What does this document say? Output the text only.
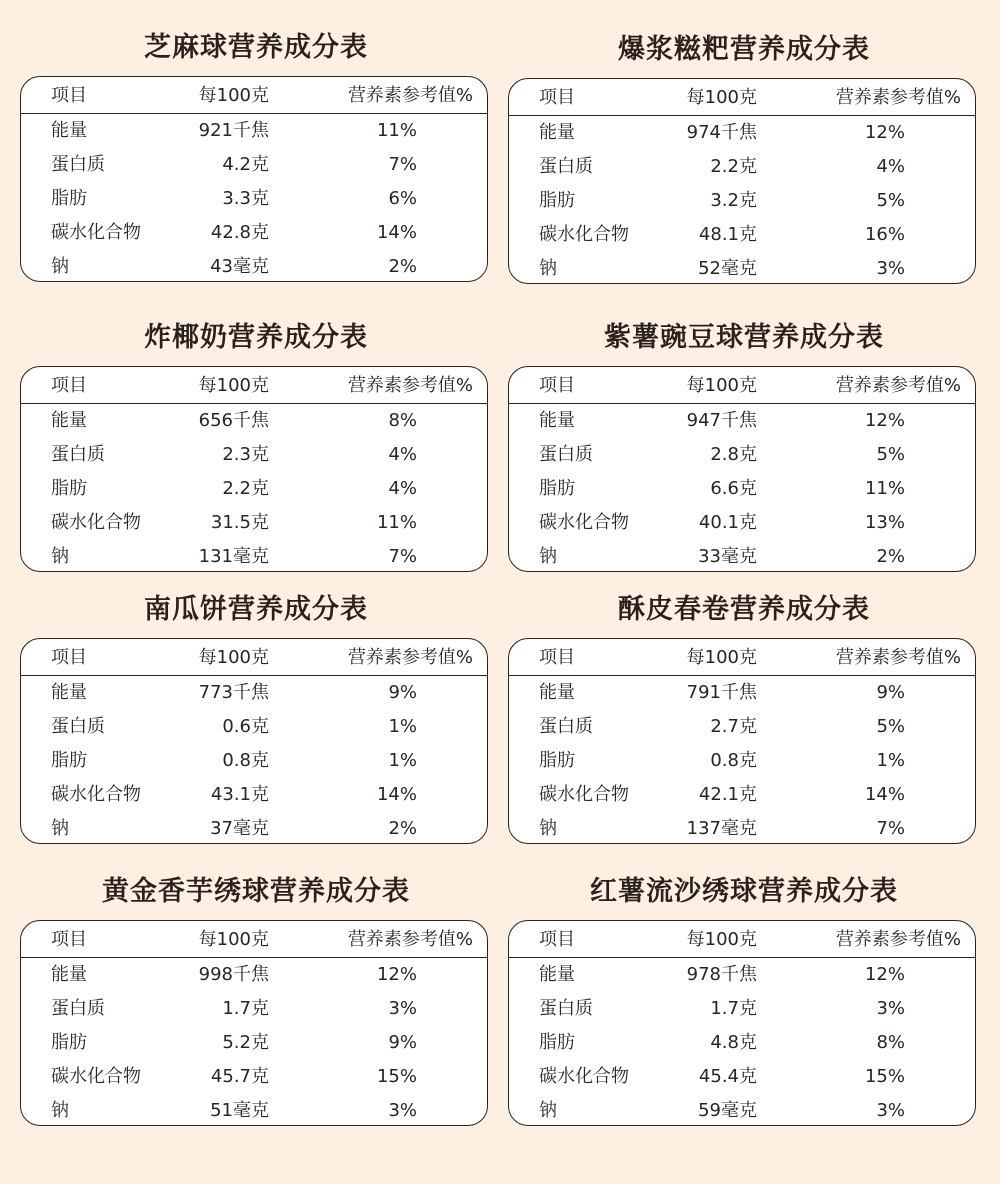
芝麻球营养成分表
项目	每100克	营养素参考值%
能量	921千焦	11%
蛋白质	4.2克	7%
脂肪	3.3克	6%
碳水化合物	42.8克	14%
钠	43毫克	2%
爆浆糍粑营养成分表
项目	每100克	营养素参考值%
能量	974千焦	12%
蛋白质	2.2克	4%
脂肪	3.2克	5%
碳水化合物	48.1克	16%
钠	52毫克	3%
炸椰奶营养成分表
项目	每100克	营养素参考值%
能量	656千焦	8%
蛋白质	2.3克	4%
脂肪	2.2克	4%
碳水化合物	31.5克	11%
钠	131毫克	7%
紫薯豌豆球营养成分表
项目	每100克	营养素参考值%
能量	947千焦	12%
蛋白质	2.8克	5%
脂肪	6.6克	11%
碳水化合物	40.1克	13%
钠	33毫克	2%
南瓜饼营养成分表
项目	每100克	营养素参考值%
能量	773千焦	9%
蛋白质	0.6克	1%
脂肪	0.8克	1%
碳水化合物	43.1克	14%
钠	37毫克	2%
酥皮春卷营养成分表
项目	每100克	营养素参考值%
能量	791千焦	9%
蛋白质	2.7克	5%
脂肪	0.8克	1%
碳水化合物	42.1克	14%
钠	137毫克	7%
黄金香芋绣球营养成分表
项目	每100克	营养素参考值%
能量	998千焦	12%
蛋白质	1.7克	3%
脂肪	5.2克	9%
碳水化合物	45.7克	15%
钠	51毫克	3%
红薯流沙绣球营养成分表
项目	每100克	营养素参考值%
能量	978千焦	12%
蛋白质	1.7克	3%
脂肪	4.8克	8%
碳水化合物	45.4克	15%
钠	59毫克	3%
